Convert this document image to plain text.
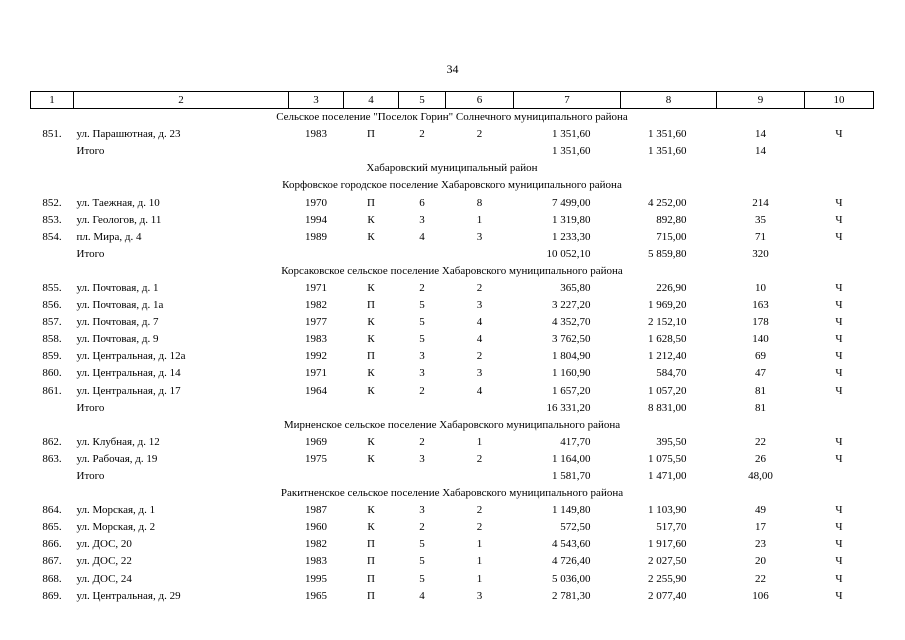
34
1	2	3	4	5	6	7	8	9	10
Сельское поселение "Поселок Горин" Солнечного муниципального района									
851.	ул. Парашютная, д. 23	1983	П	2	2	1 351,60	1 351,60	14	Ч
	Итого					1 351,60	1 351,60	14	
Хабаровский муниципальный район									
Корфовское городское поселение Хабаровского муниципального района									
852.	ул. Таежная, д. 10	1970	П	6	8	7 499,00	4 252,00	214	Ч
853.	ул. Геологов, д. 11	1994	К	3	1	1 319,80	892,80	35	Ч
854.	пл. Мира, д. 4	1989	К	4	3	1 233,30	715,00	71	Ч
	Итого					10 052,10	5 859,80	320	
Корсаковское сельское поселение Хабаровского муниципального района									
855.	ул. Почтовая, д. 1	1971	К	2	2	365,80	226,90	10	Ч
856.	ул. Почтовая, д. 1а	1982	П	5	3	3 227,20	1 969,20	163	Ч
857.	ул. Почтовая, д. 7	1977	К	5	4	4 352,70	2 152,10	178	Ч
858.	ул. Почтовая, д. 9	1983	К	5	4	3 762,50	1 628,50	140	Ч
859.	ул. Центральная, д. 12а	1992	П	3	2	1 804,90	1 212,40	69	Ч
860.	ул. Центральная, д. 14	1971	К	3	3	1 160,90	584,70	47	Ч
861.	ул. Центральная, д. 17	1964	К	2	4	1 657,20	1 057,20	81	Ч
	Итого					16 331,20	8 831,00	81	
Мирненское сельское поселение Хабаровского муниципального района									
862.	ул. Клубная, д. 12	1969	К	2	1	417,70	395,50	22	Ч
863.	ул. Рабочая, д. 19	1975	К	3	2	1 164,00	1 075,50	26	Ч
	Итого					1 581,70	1 471,00	48,00	
Ракитненское сельское поселение Хабаровского муниципального района									
864.	ул. Морская, д. 1	1987	К	3	2	1 149,80	1 103,90	49	Ч
865.	ул. Морская, д. 2	1960	К	2	2	572,50	517,70	17	Ч
866.	ул. ДОС, 20	1982	П	5	1	4 543,60	1 917,60	23	Ч
867.	ул. ДОС, 22	1983	П	5	1	4 726,40	2 027,50	20	Ч
868.	ул. ДОС, 24	1995	П	5	1	5 036,00	2 255,90	22	Ч
869.	ул. Центральная, д. 29	1965	П	4	3	2 781,30	2 077,40	106	Ч
